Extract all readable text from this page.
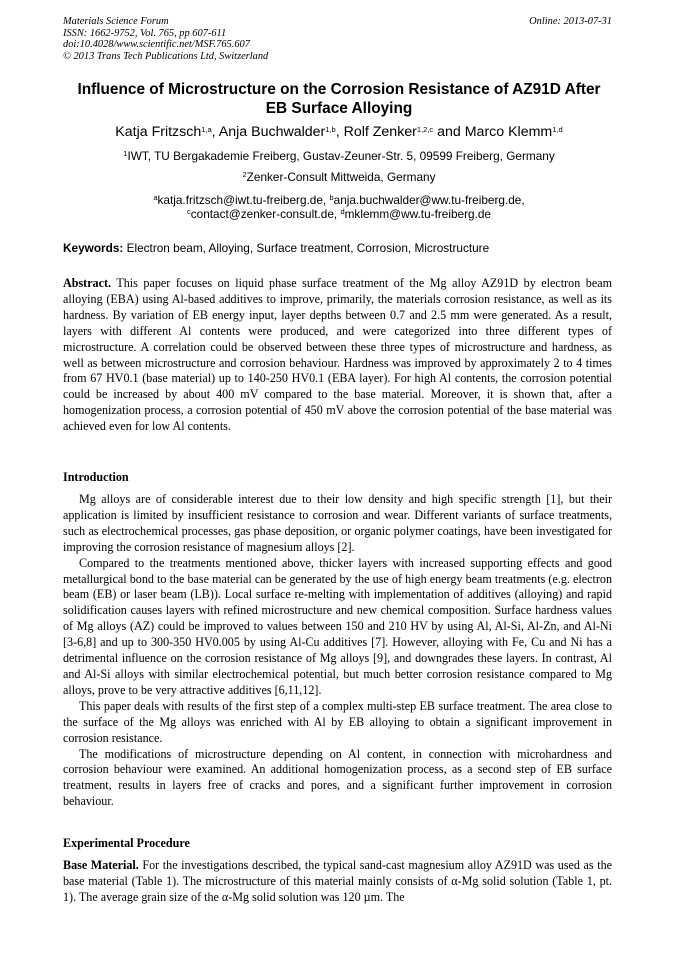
Materials Science Forum
ISSN: 1662-9752, Vol. 765, pp 607-611
doi:10.4028/www.scientific.net/MSF.765.607
© 2013 Trans Tech Publications Ltd, Switzerland
Online: 2013-07-31
Influence of Microstructure on the Corrosion Resistance of AZ91D After
EB Surface Alloying
Katja Fritzsch$^{1,a}$, Anja Buchwalder$^{1,b}$, Rolf Zenker$^{1,2,c}$ and Marco Klemm$^{1,d}$
$^1$IWT, TU Bergakademie Freiberg, Gustav-Zeuner-Str. 5, 09599 Freiberg, Germany
$^2$Zenker-Consult Mittweida, Germany
$^a$katja.fritzsch@iwt.tu-freiberg.de, $^b$anja.buchwalder@ww.tu-freiberg.de,
$^c$contact@zenker-consult.de, $^d$mklemm@ww.tu-freiberg.de
Keywords: Electron beam, Alloying, Surface treatment, Corrosion, Microstructure

Abstract. This paper focuses on liquid phase surface treatment of the Mg alloy AZ91D by electron beam alloying (EBA) using Al-based additives to improve, primarily, the materials corrosion resistance, as well as its hardness. By variation of EB energy input, layer depths between 0.7 and 2.5 mm were generated. As a result, layers with different Al contents were produced, and were categorized into three different types of microstructure. A correlation could be observed between these three types of microstructure and hardness, as well as between microstructure and corrosion behaviour. Hardness was improved by approximately 2 to 4 times from 67 HV0.1 (base material) up to 140-250 HV0.1 (EBA layer). For high Al contents, the corrosion potential could be increased by about 400 mV compared to the base material. Moreover, it is shown that, after a homogenization process, a corrosion potential of 450 mV above the corrosion potential of the base material was achieved even for low Al contents.

Introduction

Mg alloys are of considerable interest due to their low density and high specific strength [1], but their application is limited by insufficient resistance to corrosion and wear. Different variants of surface treatments, such as electrochemical processes, gas phase deposition, or organic polymer coatings, have been investigated for improving the corrosion resistance of magnesium alloys [2].

Compared to the treatments mentioned above, thicker layers with increased supporting effects and good metallurgical bond to the base material can be generated by the use of high energy beam treatments (e.g. electron beam (EB) or laser beam (LB)). Local surface re-melting with implementation of additives (alloying) and rapid solidification causes layers with refined microstructure and new chemical composition. Surface hardness values of Mg alloys (AZ) could be improved to values between 150 and 210 HV by using Al, Al-Si, Al-Zn, and Al-Ni [3-6,8] and up to 300-350 HV0.005 by using Al-Cu additives [7]. However, alloying with Fe, Cu and Ni has a detrimental influence on the corrosion resistance of Mg alloys [9], and downgrades these layers. In contrast, Al and Al-Si alloys with similar electrochemical potential, but much better corrosion resistance compared to Mg alloys, prove to be very attractive additives [6,11,12].

This paper deals with results of the first step of a complex multi-step EB surface treatment. The area close to the surface of the Mg alloys was enriched with Al by EB alloying to obtain a significant improvement in corrosion resistance.

The modifications of microstructure depending on Al content, in connection with microhardness and corrosion behaviour were examined. An additional homogenization process, as a second step of EB surface treatment, results in layers free of cracks and pores, and a significant further improvement in corrosion behaviour.

Experimental Procedure

Base Material. For the investigations described, the typical sand-cast magnesium alloy AZ91D was used as the base material (Table 1). The microstructure of this material mainly consists of α-Mg solid solution (Table 1, pt. 1). The average grain size of the α-Mg solid solution was 120 µm. The
